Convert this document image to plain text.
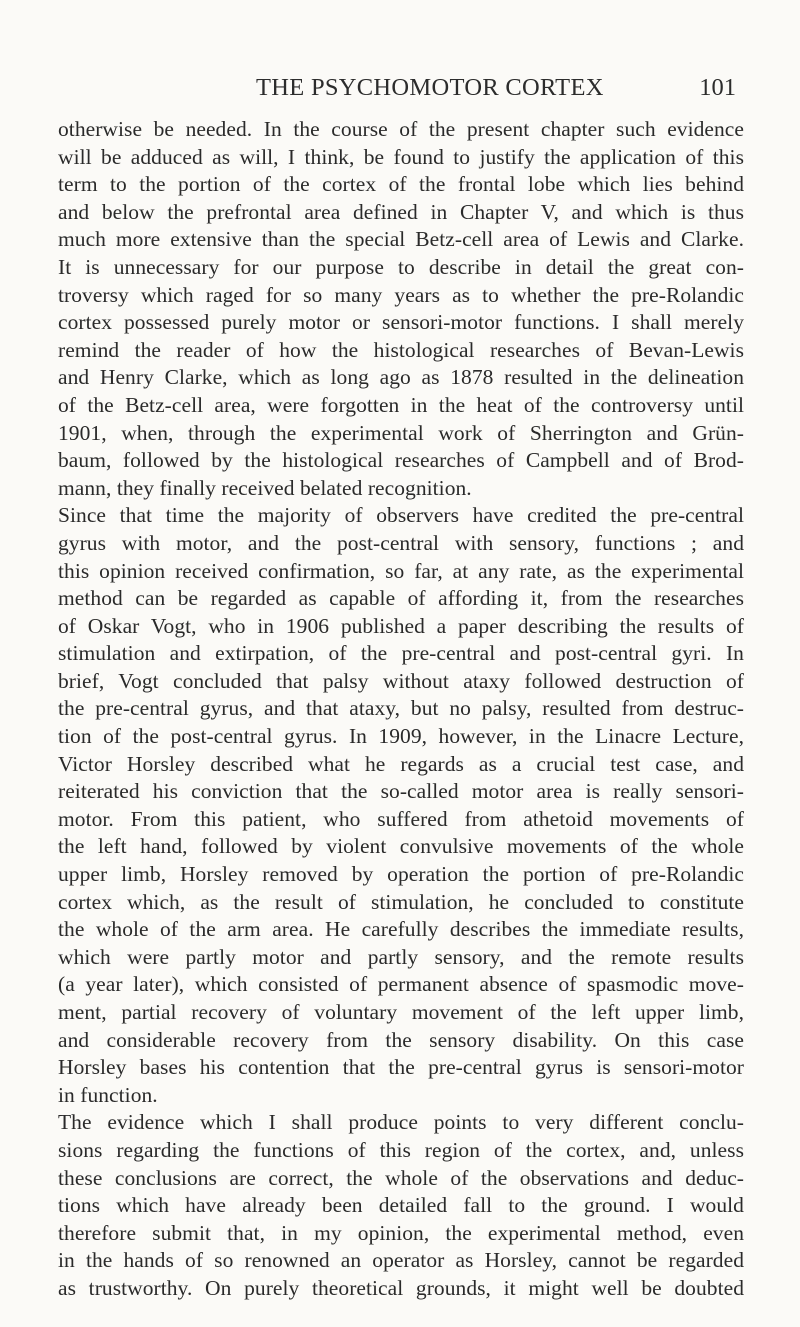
THE PSYCHOMOTOR CORTEX	101
otherwise be needed. In the course of the present chapter such evidence
will be adduced as will, I think, be found to justify the application of this
term to the portion of the cortex of the frontal lobe which lies behind
and below the prefrontal area defined in Chapter V, and which is thus
much more extensive than the special Betz-cell area of Lewis and Clarke.
It is unnecessary for our purpose to describe in detail the great con-
troversy which raged for so many years as to whether the pre-Rolandic
cortex possessed purely motor or sensori-motor functions. I shall merely
remind the reader of how the histological researches of Bevan-Lewis
and Henry Clarke, which as long ago as 1878 resulted in the delineation
of the Betz-cell area, were forgotten in the heat of the controversy until
1901, when, through the experimental work of Sherrington and Grün-
baum, followed by the histological researches of Campbell and of Brod-
mann, they finally received belated recognition.
Since that time the majority of observers have credited the pre-central
gyrus with motor, and the post-central with sensory, functions ; and
this opinion received confirmation, so far, at any rate, as the experimental
method can be regarded as capable of affording it, from the researches
of Oskar Vogt, who in 1906 published a paper describing the results of
stimulation and extirpation, of the pre-central and post-central gyri. In
brief, Vogt concluded that palsy without ataxy followed destruction of
the pre-central gyrus, and that ataxy, but no palsy, resulted from destruc-
tion of the post-central gyrus. In 1909, however, in the Linacre Lecture,
Victor Horsley described what he regards as a crucial test case, and
reiterated his conviction that the so-called motor area is really sensori-
motor. From this patient, who suffered from athetoid movements of
the left hand, followed by violent convulsive movements of the whole
upper limb, Horsley removed by operation the portion of pre-Rolandic
cortex which, as the result of stimulation, he concluded to constitute
the whole of the arm area. He carefully describes the immediate results,
which were partly motor and partly sensory, and the remote results
(a year later), which consisted of permanent absence of spasmodic move-
ment, partial recovery of voluntary movement of the left upper limb,
and considerable recovery from the sensory disability. On this case
Horsley bases his contention that the pre-central gyrus is sensori-motor
in function.
The evidence which I shall produce points to very different conclu-
sions regarding the functions of this region of the cortex, and, unless
these conclusions are correct, the whole of the observations and deduc-
tions which have already been detailed fall to the ground. I would
therefore submit that, in my opinion, the experimental method, even
in the hands of so renowned an operator as Horsley, cannot be regarded
as trustworthy. On purely theoretical grounds, it might well be doubted
